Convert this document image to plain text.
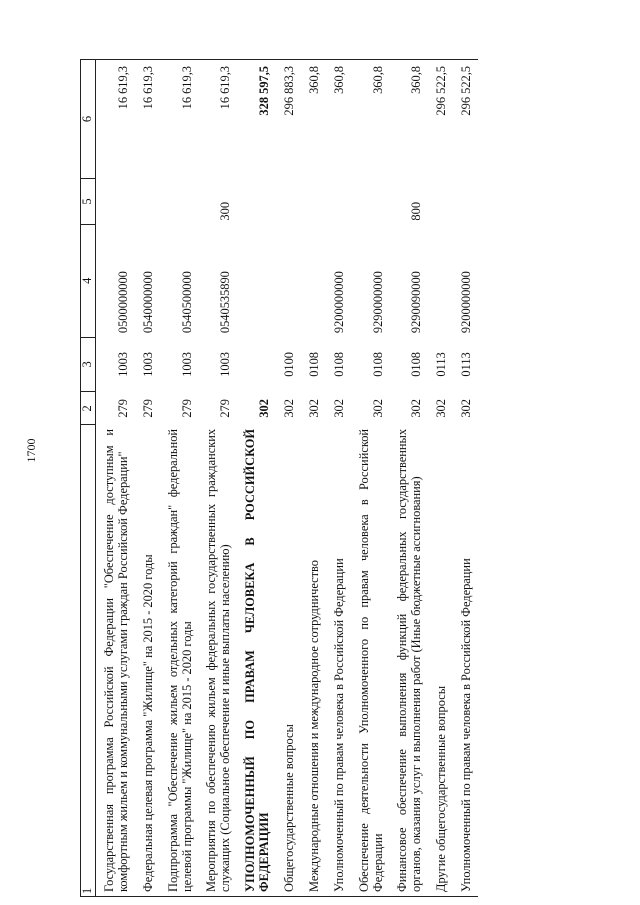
1700
1	2	3	4	5	6
Государственная программа Российской Федерации "Обеспечение доступным и комфортным жильем и коммунальными услугами граждан Российской Федерации"	279	1003	0500000000		16 619,3
Федеральная целевая программа "Жилище" на 2015 - 2020 годы	279	1003	0540000000		16 619,3
Подпрограмма "Обеспечение жильем отдельных категорий граждан" федеральной целевой программы "Жилище" на 2015 - 2020 годы	279	1003	0540500000		16 619,3
Мероприятия по обеспечению жильем федеральных государственных гражданских служащих (Социальное обеспечение и иные выплаты населению)	279	1003	0540535890	300	16 619,3
УПОЛНОМОЧЕННЫЙ ПО ПРАВАМ ЧЕЛОВЕКА В РОССИЙСКОЙ ФЕДЕРАЦИИ	302				328 597,5
Общегосударственные вопросы	302	0100			296 883,3
Международные отношения и международное сотрудничество	302	0108			360,8
Уполномоченный по правам человека в Российской Федерации	302	0108	9200000000		360,8
Обеспечение деятельности Уполномоченного по правам человека в Российской Федерации	302	0108	9290000000		360,8
Финансовое обеспечение выполнения функций федеральных государственных органов, оказания услуг и выполнения работ (Иные бюджетные ассигнования)	302	0108	9290090000	800	360,8
Другие общегосударственные вопросы	302	0113			296 522,5
Уполномоченный по правам человека в Российской Федерации	302	0113	9200000000		296 522,5
